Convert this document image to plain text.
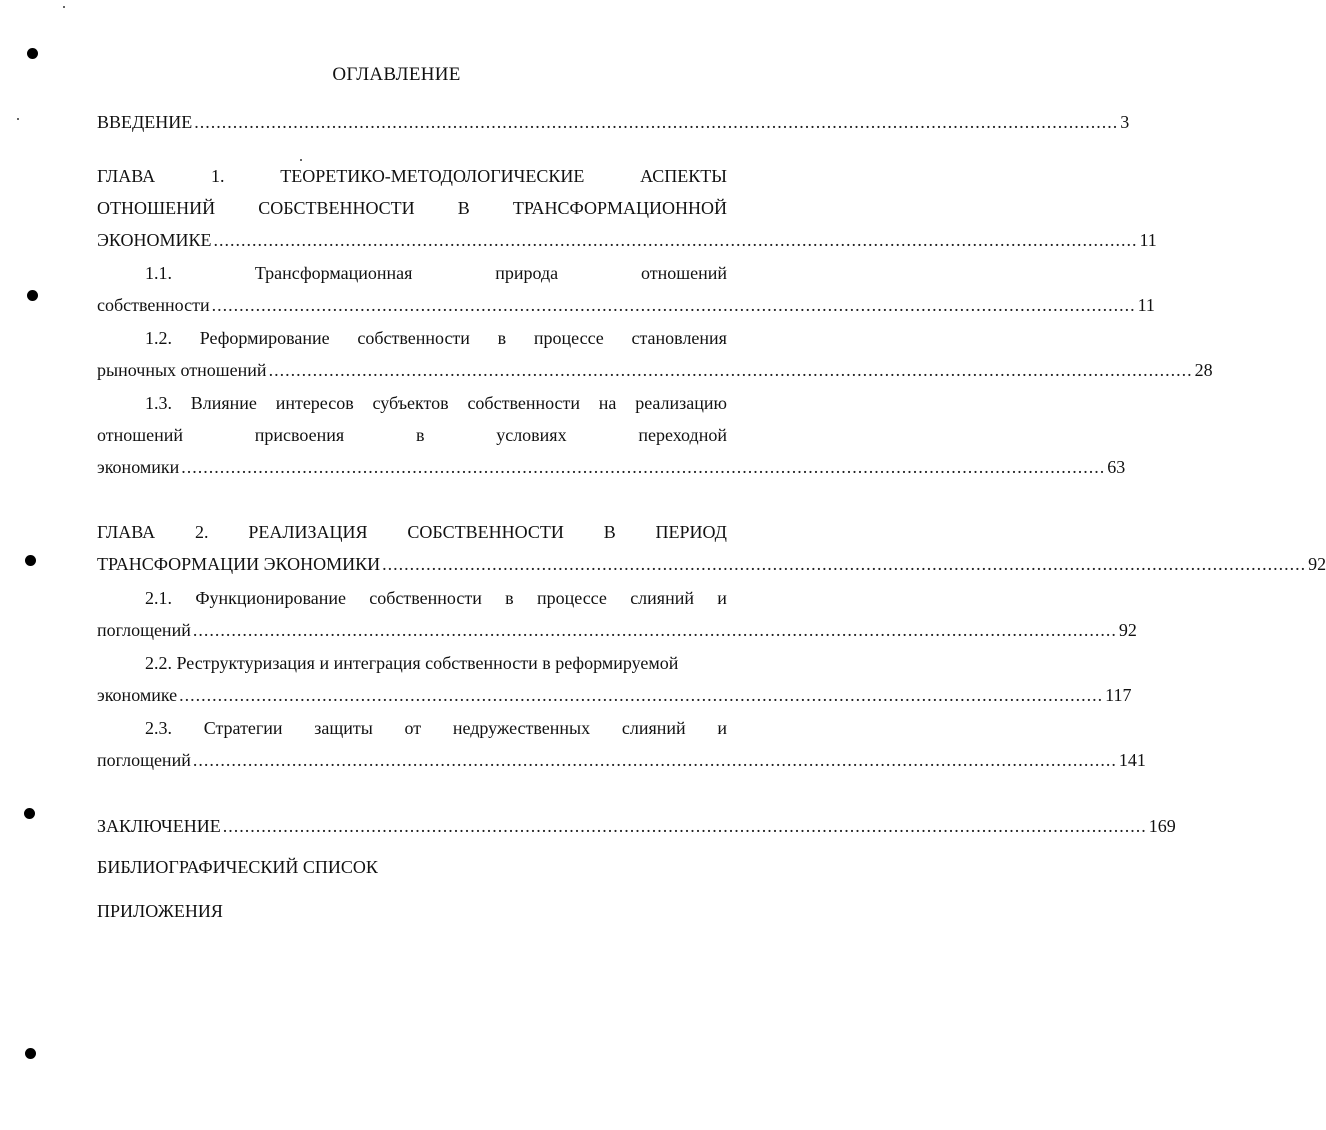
ОГЛАВЛЕНИЕ
ВВЕДЕНИЕ ........................................................................................................................................................................ 3
ГЛАВА	1.	ТЕОРЕТИКО-МЕТОДОЛОГИЧЕСКИЕ	АСПЕКТЫ
ОТНОШЕНИЙ СОБСТВЕННОСТИ В ТРАНСФОРМАЦИОННОЙ
ЭКОНОМИКЕ ........................................................................................................................................................................ 11
1.1.	Трансформационная	природа	отношений
собственности ........................................................................................................................................................................ 11
1.2. Реформирование собственности в процессе становления
рыночных отношений ........................................................................................................................................................................ 28
1.3. Влияние интересов субъектов собственности на реализацию
отношений	присвоения	в	условиях	переходной
экономики ........................................................................................................................................................................ 63
ГЛАВА 2. РЕАЛИЗАЦИЯ СОБСТВЕННОСТИ В ПЕРИОД
ТРАНСФОРМАЦИИ ЭКОНОМИКИ ........................................................................................................................................................................ 92
2.1. Функционирование собственности в процессе слияний и
поглощений ........................................................................................................................................................................ 92
2.2. Реструктуризация и интеграция собственности в реформируемой
экономике ........................................................................................................................................................................ 117
2.3. Стратегии защиты от недружественных слияний и
поглощений ........................................................................................................................................................................ 141
ЗАКЛЮЧЕНИЕ ........................................................................................................................................................................ 169
БИБЛИОГРАФИЧЕСКИЙ СПИСОК
ПРИЛОЖЕНИЯ
